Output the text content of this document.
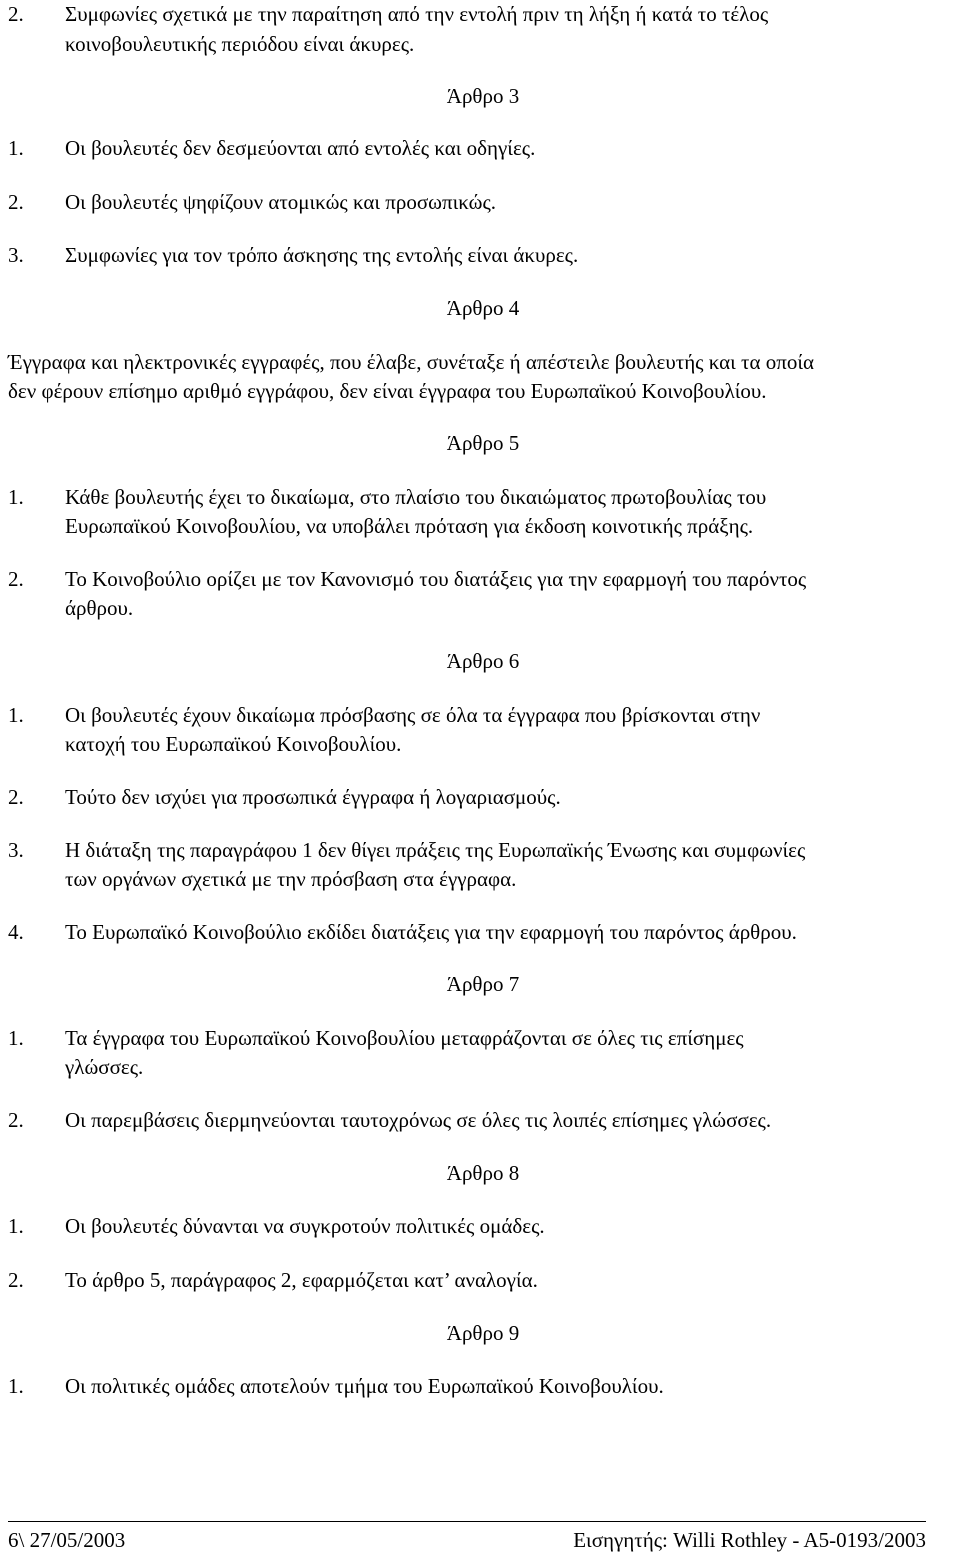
2. Συμφωνίες σχετικά με την παραίτηση από την εντολή πριν τη λήξη ή κατά το τέλος
κοινοβουλευτικής περιόδου είναι άκυρες.
Άρθρο 3
1. Οι βουλευτές δεν δεσμεύονται από εντολές και οδηγίες.
2. Οι βουλευτές ψηφίζουν ατομικώς και προσωπικώς.
3. Συμφωνίες για τον τρόπο άσκησης της εντολής είναι άκυρες.
Άρθρο 4
Έγγραφα και ηλεκτρονικές εγγραφές, που έλαβε, συνέταξε ή απέστειλε βουλευτής και τα οποία
δεν φέρουν επίσημο αριθμό εγγράφου, δεν είναι έγγραφα του Ευρωπαϊκού Κοινοβουλίου.
Άρθρο 5
1. Κάθε βουλευτής έχει το δικαίωμα, στο πλαίσιο του δικαιώματος πρωτοβουλίας του
Ευρωπαϊκού Κοινοβουλίου, να υποβάλει πρόταση για έκδοση κοινοτικής πράξης.
2. Το Κοινοβούλιο ορίζει με τον Κανονισμό του διατάξεις για την εφαρμογή του παρόντος
άρθρου.
Άρθρο 6
1. Οι βουλευτές έχουν δικαίωμα πρόσβασης σε όλα τα έγγραφα που βρίσκονται στην
κατοχή του Ευρωπαϊκού Κοινοβουλίου.
2. Τούτο δεν ισχύει για προσωπικά έγγραφα ή λογαριασμούς.
3. Η διάταξη της παραγράφου 1 δεν θίγει πράξεις της Ευρωπαϊκής Ένωσης και συμφωνίες
των οργάνων σχετικά με την πρόσβαση στα έγγραφα.
4. Το Ευρωπαϊκό Κοινοβούλιο εκδίδει διατάξεις για την εφαρμογή του παρόντος άρθρου.
Άρθρο 7
1. Τα έγγραφα του Ευρωπαϊκού Κοινοβουλίου μεταφράζονται σε όλες τις επίσημες
γλώσσες.
2. Οι παρεμβάσεις διερμηνεύονται ταυτοχρόνως σε όλες τις λοιπές επίσημες γλώσσες.
Άρθρο 8
1. Οι βουλευτές δύνανται να συγκροτούν πολιτικές ομάδες.
2. Το άρθρο 5, παράγραφος 2, εφαρμόζεται κατ’ αναλογία.
Άρθρο 9
1. Οι πολιτικές ομάδες αποτελούν τμήμα του Ευρωπαϊκού Κοινοβουλίου.
6\ 27/05/2003	Εισηγητής: Willi Rothley - A5-0193/2003
